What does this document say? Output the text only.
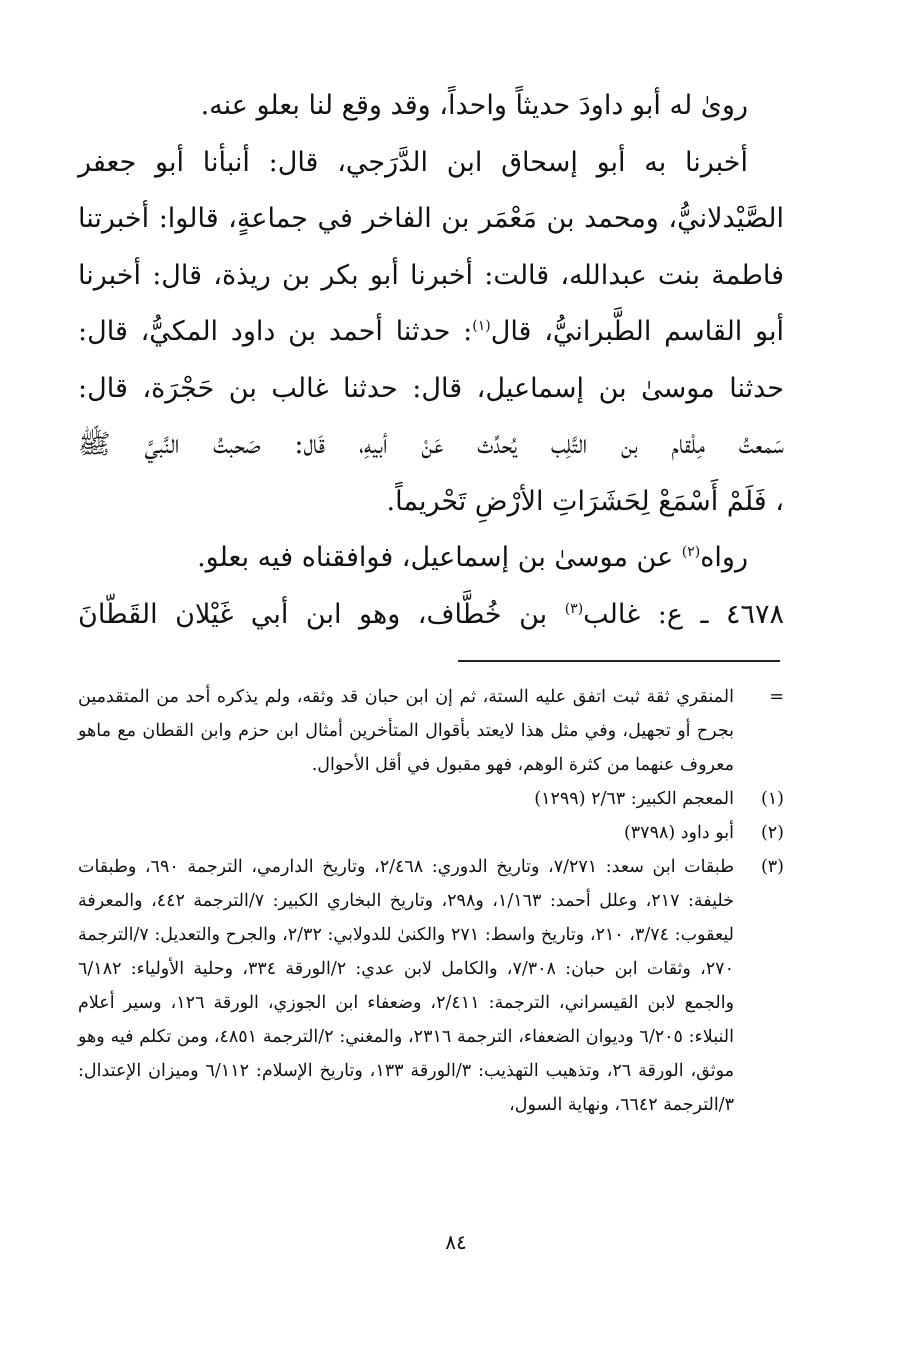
روىٰ له أبو داودَ حديثاً واحداً، وقد وقع لنا بعلو عنه.

أخبرنا به أبو إسحاق ابن الدَّرَجي، قال: أنبأنا أبو جعفر

الصَّيْدلانيُّ، ومحمد بن مَعْمَر بن الفاخر في جماعةٍ، قالوا: أخبرتنا

فاطمة بنت عبدالله، قالت: أخبرنا أبو بكر بن ريذة، قال: أخبرنا

أبو القاسم الطَّبرانيُّ، قال$^{(١)}$: حدثنا أحمد بن داود المكيُّ، قال:

حدثنا موسىٰ بن إسماعيل، قال: حدثنا غالب بن حَجْرَة، قال:

سَمعتُ مِلْقام بن التَّلِب يُحدِّث عَنْ أبيهِ، قَال: صَحبتُ النَّبيَّ ﷺ

، فَلَمْ أَسْمَعْ لِحَشَرَاتِ الأرْضِ تَحْريماً.

رواه$^{(٢)}$ عن موسىٰ بن إسماعيل، فوافقناه فيه بعلو.

٤٦٧٨ ـ ع: غالب$^{(٣)}$ بن خُطَّاف، وهو ابن أبي غَيْلان القَطّانَ

=
المنقري ثقة ثبت اتفق عليه الستة، ثم إن ابن حبان قد وثقه، ولم يذكره أحد من المتقدمين بجرح أو تجهيل، وفي مثل هذا لايعتد بأقوال المتأخرين أمثال ابن حزم وابن القطان مع ماهو معروف عنهما من كثرة الوهم، فهو مقبول في أقل الأحوال.
(١)
المعجم الكبير: ٢/٦٣ (١٢٩٩)
(٢)
أبو داود (٣٧٩٨)
(٣)
طبقات ابن سعد: ٧/٢٧١، وتاريخ الدوري: ٢/٤٦٨، وتاريخ الدارمي، الترجمة ٦٩٠، وطبقات خليفة: ٢١٧، وعلل أحمد: ١/١٦٣، و٢٩٨، وتاريخ البخاري الكبير: ٧/الترجمة ٤٤٢، والمعرفة ليعقوب: ٣/٧٤، ٢١٠، وتاريخ واسط: ٢٧١ والكنىٰ للدولابي: ٢/٣٢، والجرح والتعديل: ٧/الترجمة ٢٧٠، وثقات ابن حبان: ٧/٣٠٨، والكامل لابن عدي: ٢/الورقة ٣٣٤، وحلية الأولياء: ٦/١٨٢ والجمع لابن القيسراني، الترجمة: ٢/٤١١، وضعفاء ابن الجوزي، الورقة ١٢٦، وسير أعلام النبلاء: ٦/٢٠٥ وديوان الضعفاء، الترجمة ٢٣١٦، والمغني: ٢/الترجمة ٤٨٥١، ومن تكلم فيه وهو موثق، الورقة ٢٦، وتذهيب التهذيب: ٣/الورقة ١٣٣، وتاريخ الإسلام: ٦/١١٢ وميزان الإعتدال: ٣/الترجمة ٦٦٤٢، ونهاية السول،
٨٤
